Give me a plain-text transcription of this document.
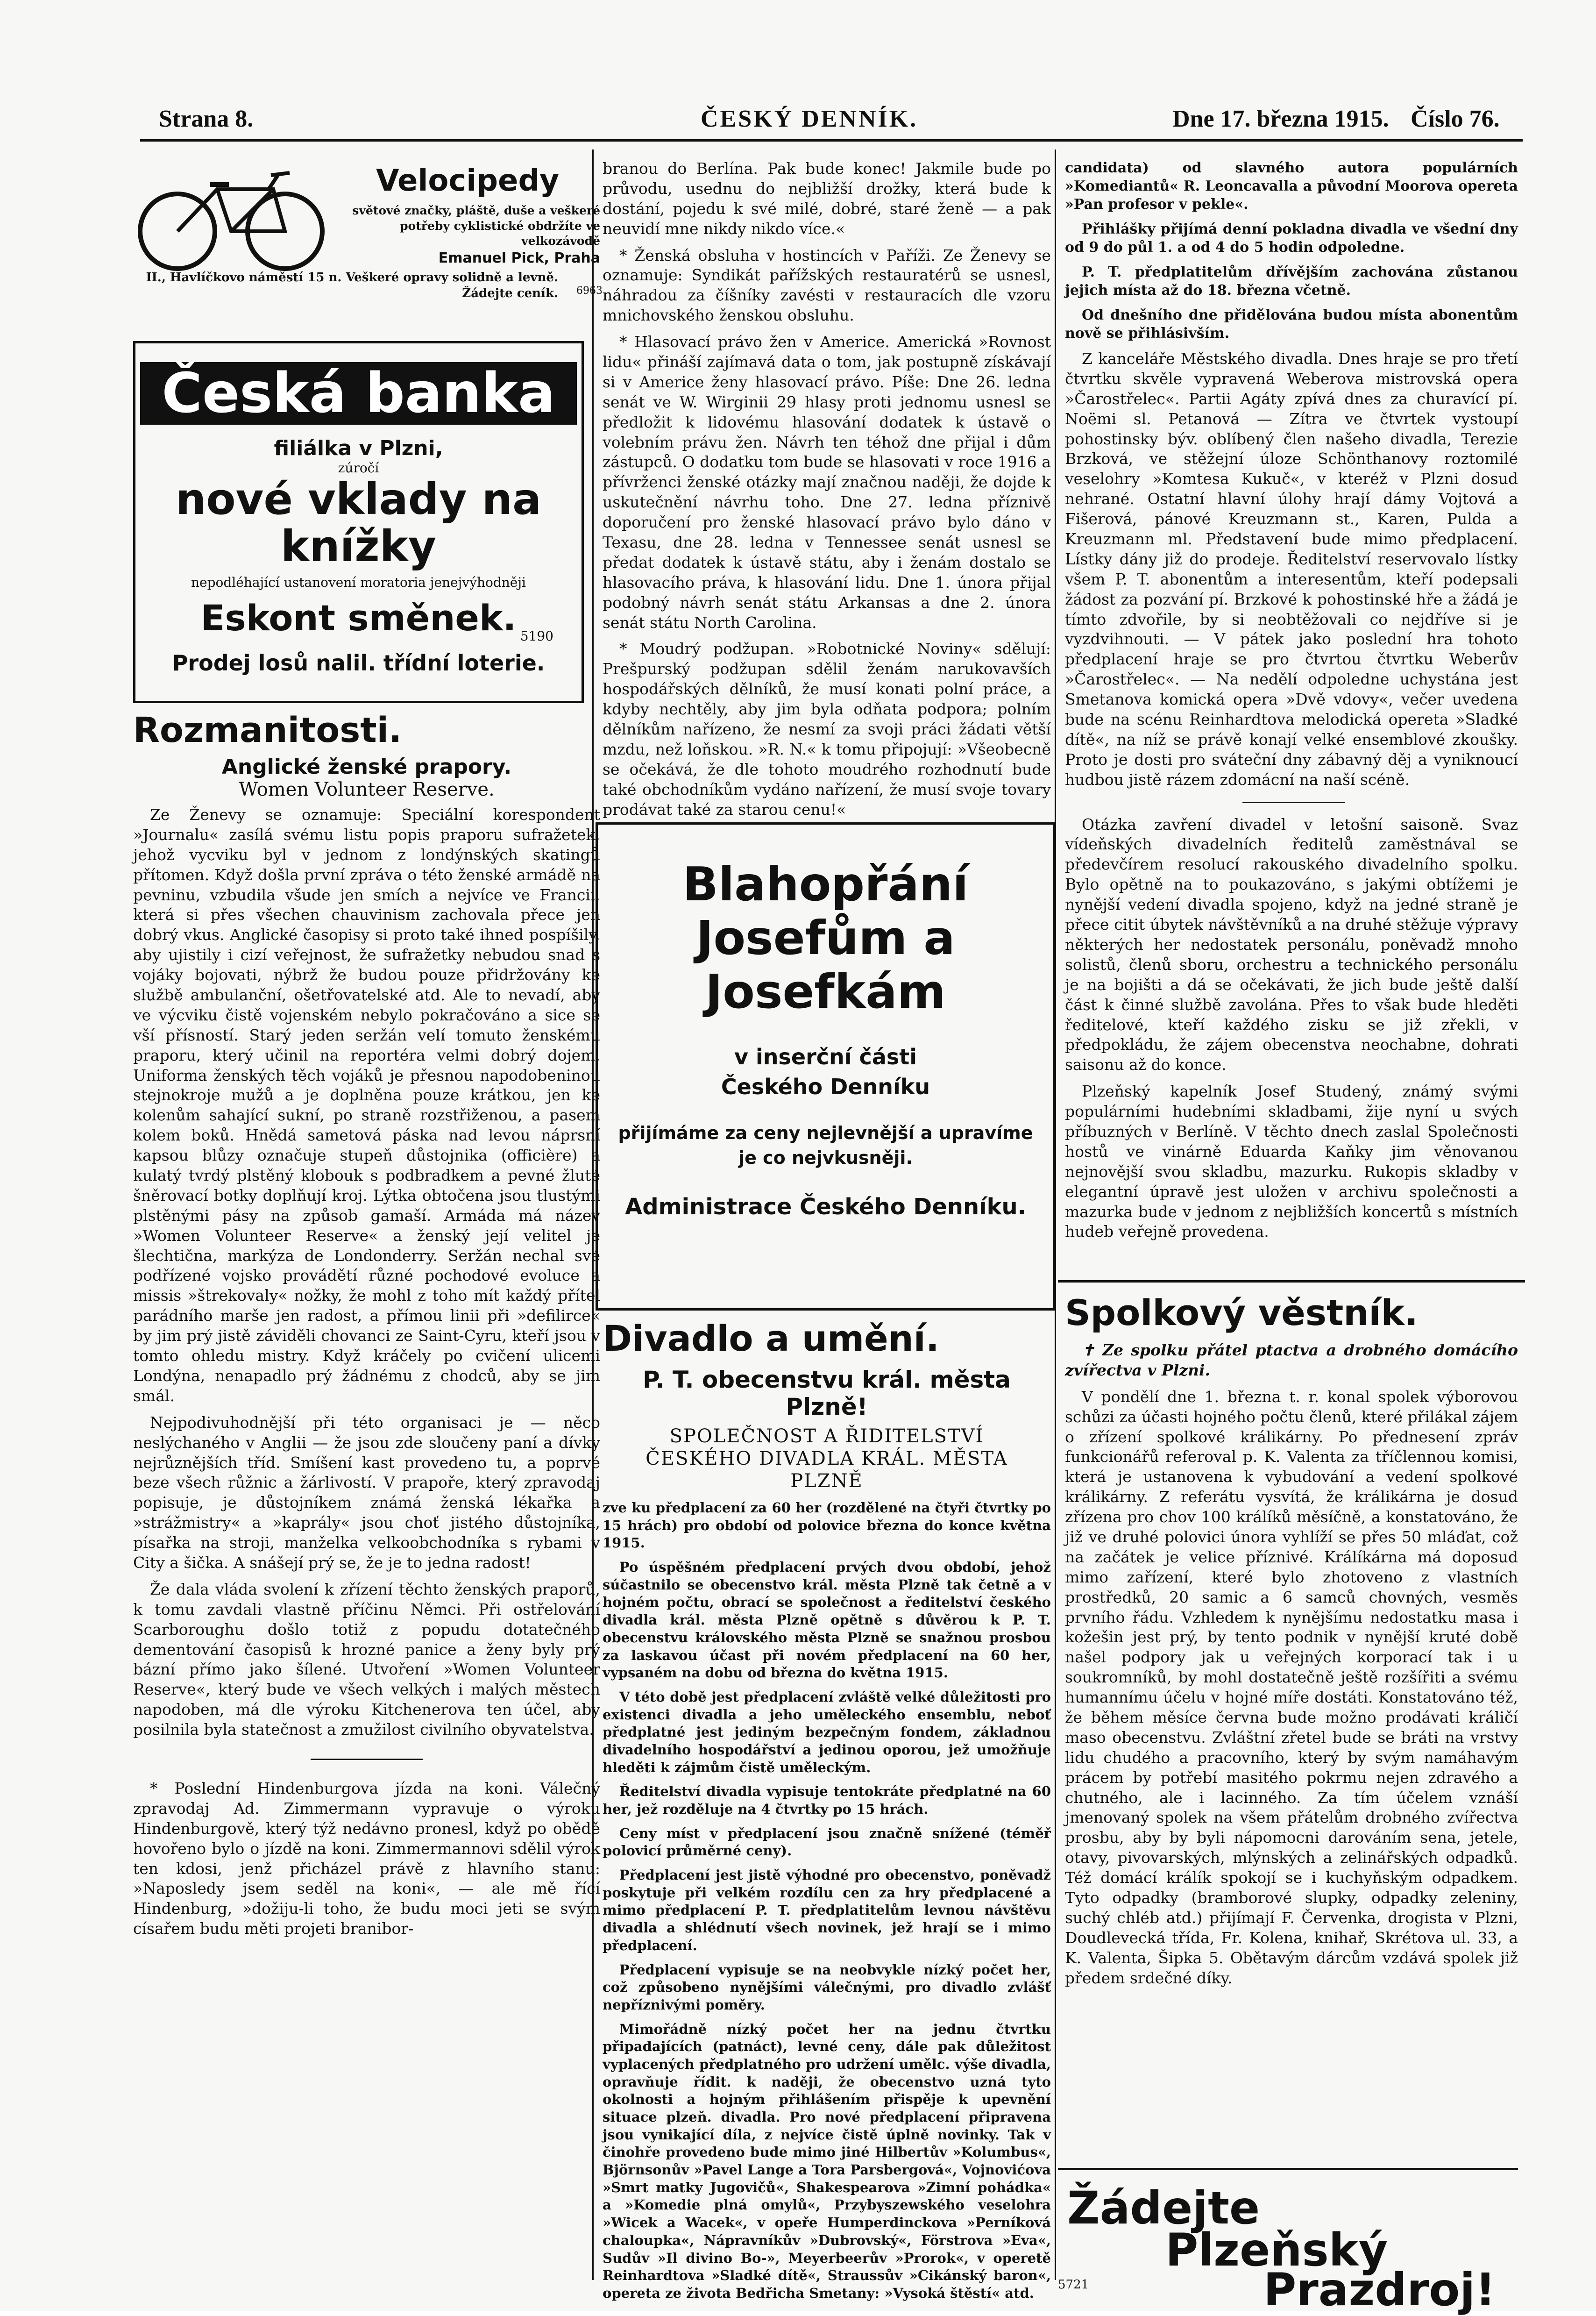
Strana 8.	ČESKÝ DENNÍK.	Dne 17. března 1915. Číslo 76.
Velocipedy
světové značky, pláště, duše a veškeré potřeby cyklistické obdržíte ve velkozávodě
Emanuel Pick, Praha
II., Havlíčkovo náměstí 15 n. Veškeré opravy solidně a levně. Žádejte ceník.	6963
Česká banka
filiálka v Plzni,
zúročí
nové vklady na knížky
nepodléhající ustanovení moratoria jenejvýhodněji
Eskont směnek. 5190
Prodej losů nalil. třídní loterie.
Rozmanitosti.
Anglické ženské prapory.
Women Volunteer Reserve.

Ze Ženevy se oznamuje: Speciální korespondent »Journalu« zasílá svému listu popis praporu sufražetek, jehož vycviku byl v jednom z londýnských skatingů přítomen. Když došla první zpráva o této ženské armádě na pevninu, vzbudila všude jen smích a nejvíce ve Francii, která si přes všechen chauvinism zachovala přece jen dobrý vkus. Anglické časopisy si proto také ihned pospíšily, aby ujistily i cizí veřejnost, že sufražetky nebudou snad s vojáky bojovati, nýbrž že budou pouze přidržovány ke službě ambulanční, ošetřovatelské atd. Ale to nevadí, aby ve výcviku čistě vojenském nebylo pokračováno a sice se vší přísností. Starý jeden seržán velí tomuto ženskému praporu, který učinil na reportéra velmi dobrý dojem. Uniforma ženských těch vojáků je přesnou napodobeninou stejnokroje mužů a je doplněna pouze krátkou, jen ke kolenům sahající sukní, po straně rozstřiženou, a pasem kolem boků. Hnědá sametová páska nad levou náprsní kapsou blůzy označuje stupeň důstojnika (officière) a kulatý tvrdý plstěný klobouk s podbradkem a pevné žluté šněrovací botky doplňují kroj. Lýtka obtočena jsou tlustými plstěnými pásy na způsob gamaší. Armáda má název »Women Volunteer Reserve« a ženský její velitel je šlechtična, markýza de Londonderry. Seržán nechal své podřízené vojsko provádětí různé pochodové evoluce a missis »štrekovaly« nožky, že mohl z toho mít každý přítel parádního marše jen radost, a přímou linii při »defilirce« by jim prý jistě záviděli chovanci ze Saint-Cyru, kteří jsou v tomto ohledu mistry. Když kráčely po cvičení ulicemi Londýna, nenapadlo prý žádnému z chodců, aby se jim smál.

Nejpodivuhodnější při této organisaci je — něco neslýchaného v Anglii — že jsou zde sloučeny paní a dívky nejrůznějších tříd. Smíšení kast provedeno tu, a poprvé beze všech růžnic a žárlivostí. V prapoře, který zpravodaj popisuje, je důstojníkem známá ženská lékařka a »strážmistry« a »kaprály« jsou choť jistého důstojníka, písařka na stroji, manželka velkoobchodníka s rybami v City a šička. A snášejí prý se, že je to jedna radost!

Že dala vláda svolení k zřízení těchto ženských praporů, k tomu zavdali vlastně příčinu Němci. Při ostřelování Scarboroughu došlo totiž z popudu dotatečného dementování časopisů k hrozné panice a ženy byly prý bázní přímo jako šílené. Utvoření »Women Volunteer Reserve«, který bude ve všech velkých i malých městech napodoben, má dle výroku Kitchenerova ten účel, aby posilnila byla statečnost a zmužilost civilního obyvatelstva.

* Poslední Hindenburgova jízda na koni. Válečný zpravodaj Ad. Zimmermann vypravuje o výroku Hindenburgově, který týž nedávno pronesl, když po obědě hovořeno bylo o jízdě na koni. Zimmermannovi sdělil výrok ten kdosi, jenž přicházel právě z hlavního stanu: »Naposledy jsem seděl na koni«, — ale mě řící Hindenburg, »dožiju-li toho, že budu moci jeti se svým císařem budu měti projeti branibor-

branou do Berlína. Pak bude konec! Jakmile bude po průvodu, usednu do nejbližší drožky, která bude k dostání, pojedu k své milé, dobré, staré ženě — a pak neuvidí mne nikdy nikdo více.«

* Ženská obsluha v hostincích v Paříži. Ze Ženevy se oznamuje: Syndikát pařížských restauratérů se usnesl, náhradou za číšníky zavésti v restauracích dle vzoru mnichovského ženskou obsluhu.

* Hlasovací právo žen v Americe. Americká »Rovnost lidu« přináší zajímavá data o tom, jak postupně získávají si v Americe ženy hlasovací právo. Píše: Dne 26. ledna senát ve W. Wirginii 29 hlasy proti jednomu usnesl se předložit k lidovému hlasování dodatek k ústavě o volebním právu žen. Návrh ten téhož dne přijal i dům zástupců. O dodatku tom bude se hlasovati v roce 1916 a přívrženci ženské otázky mají značnou naději, že dojde k uskutečnění návrhu toho. Dne 27. ledna příznivě doporučení pro ženské hlasovací právo bylo dáno v Texasu, dne 28. ledna v Tennessee senát usnesl se předat dodatek k ústavě státu, aby i ženám dostalo se hlasovacího práva, k hlasování lidu. Dne 1. února přijal podobný návrh senát státu Arkansas a dne 2. února senát státu North Carolina.

* Moudrý podžupan. »Robotnické Noviny« sdělují: Prešpurský podžupan sdělil ženám narukovavších hospodářských dělníků, že musí konati polní práce, a kdyby nechtěly, aby jim byla odňata podpora; polním dělníkům nařízeno, že nesmí za svoji práci žádati větší mzdu, než loňskou. »R. N.« k tomu připojují: »Všeobecně se očekává, že dle tohoto moudrého rozhodnutí bude také obchodníkům vydáno nařízení, že musí svoje tovary prodávat také za starou cenu!«

Blahopřání Josefům a Josefkám
v inserční části Českého Denníku
přijímáme za ceny nejlevnější a upravíme je co nejvkusněji.
Administrace Českého Denníku.
Divadlo a umění.
P. T. obecenstvu král. města Plzně!
SPOLEČNOST A ŘIDITELSTVÍ ČESKÉHO DIVADLA KRÁL. MĚSTA PLZNĚ

zve ku předplacení za 60 her (rozdělené na čtyři čtvrtky po 15 hrách) pro období od polovice března do konce května 1915.

Po úspěšném předplacení prvých dvou období, jehož súčastnilo se obecenstvo král. města Plzně tak četně a v hojném počtu, obrací se společnost a ředitelství českého divadla král. města Plzně opětně s důvěrou k P. T. obecenstvu královského města Plzně se snažnou prosbou za laskavou účast při novém předplacení na 60 her, vypsaném na dobu od března do května 1915.

V této době jest předplacení zvláště velké důležitosti pro existenci divadla a jeho uměleckého ensemblu, neboť předplatné jest jediným bezpečným fondem, základnou divadelního hospodářství a jedinou oporou, jež umožňuje hleděti k zájmům čistě uměleckým.

Ředitelství divadla vypisuje tentokráte předplatné na 60 her, jež rozděluje na 4 čtvrtky po 15 hrách.

Ceny míst v předplacení jsou značně snížené (téměř polovicí průměrné ceny).

Předplacení jest jistě výhodné pro obecenstvo, poněvadž poskytuje při velkém rozdílu cen za hry předplacené a mimo předplacení P. T. předplatitelům levnou návštěvu divadla a shlédnutí všech novinek, jež hrají se i mimo předplacení.

Předplacení vypisuje se na neobvykle nízký počet her, což způsobeno nynějšími válečnými, pro divadlo zvlášť nepříznivými poměry.

Mimořádně nízký počet her na jednu čtvrtku připadajících (patnáct), levné ceny, dále pak důležitost vyplacených předplatného pro udržení umělc. výše divadla, opravňuje řídit. k naději, že obecenstvo uzná tyto okolnosti a hojným přihlášením přispěje k upevnění situace plzeň. divadla. Pro nové předplacení připravena jsou vynikající díla, z nejvíce čistě úplně novinky. Tak v činohře provedeno bude mimo jiné Hilbertův »Kolumbus«, Björnsonův »Pavel Lange a Tora Parsbergová«, Vojnovićova »Smrt matky Jugovičů«, Shakespearova »Zimní pohádka« a »Komedie plná omylů«, Przybyszewského veselohra »Wicek a Wacek«, v opeře Humperdinckova »Perníková chaloupka«, Nápravníkův »Dubrovský«, Förstrova »Eva«, Sudův »Il divino Bo-», Meyerbeerův »Prorok«, v operetě Reinhardtova »Sladké dítě«, Straussův »Cikánský baron«, opereta ze života Bedřicha Smetany: »Vysoká štěstí« atd.

candidata) od slavného autora populárních »Komediantů« R. Leoncavalla a původní Moorova opereta »Pan profesor v pekle«.

Přihlášky přijímá denní pokladna divadla ve všední dny od 9 do půl 1. a od 4 do 5 hodin odpoledne.

P. T. předplatitelům dřívějším zachována zůstanou jejich místa až do 18. března včetně.

Od dnešního dne přidělována budou místa abonentům nově se přihlásivším.

Z kanceláře Městského divadla. Dnes hraje se pro třetí čtvrtku skvěle vypravená Weberova mistrovská opera »Čarostřelec«. Partii Agáty zpívá dnes za churavící pí. Noëmi sl. Petanová — Zítra ve čtvrtek vystoupí pohostinsky býv. oblíbený člen našeho divadla, Terezie Brzková, ve stěžejní úloze Schönthanovy roztomilé veselohry »Komtesa Kukuč«, v kteréž v Plzni dosud nehrané. Ostatní hlavní úlohy hrají dámy Vojtová a Fišerová, pánové Kreuzmann st., Karen, Pulda a Kreuzmann ml. Představení bude mimo předplacení. Lístky dány již do prodeje. Ředitelství reservovalo lístky všem P. T. abonentům a interesentům, kteří podepsali žádost za pozvání pí. Brzkové k pohostinské hře a žádá je tímto zdvořile, by si neobtěžovali co nejdříve si je vyzdvihnouti. — V pátek jako poslední hra tohoto předplacení hraje se pro čtvrtou čtvrtku Weberův »Čarostřelec«. — Na nedělí odpoledne uchystána jest Smetanova komická opera »Dvě vdovy«, večer uvedena bude na scénu Reinhardtova melodická opereta »Sladké dítě«, na níž se právě konají velké ensemblové zkoušky. Proto je dosti pro sváteční dny zábavný děj a vyniknoucí hudbou jistě rázem zdomácní na naší scéně.

Otázka zavření divadel v letošní saisoně. Svaz vídeňských divadelních ředitelů zaměstnával se předevčírem resolucí rakouského divadelního spolku. Bylo opětně na to poukazováno, s jakými obtížemi je nynější vedení divadla spojeno, když na jedné straně je přece citit úbytek návštěvníků a na druhé stěžuje výpravy některých her nedostatek personálu, poněvadž mnoho solistů, členů sboru, orchestru a technického personálu je na bojišti a dá se očekávati, že jich bude ještě další část k činné službě zavolána. Přes to však bude hleděti ředitelové, kteří každého zisku se již zřekli, v předpokládu, že zájem obecenstva neochabne, dohrati saisonu až do konce.

Plzeňský kapelník Josef Studený, známý svými populárními hudebními skladbami, žije nyní u svých příbuzných v Berlíně. V těchto dnech zaslal Společnosti hostů ve vinárně Eduarda Kaňky jim věnovanou nejnovější svou skladbu, mazurku. Rukopis skladby v elegantní úpravě jest uložen v archivu společnosti a mazurka bude v jednom z nejbližších koncertů s místních hudeb veřejně provedena.

Spolkový věstník.

✝ Ze spolku přátel ptactva a drobného domácího zvířectva v Plzni.

V pondělí dne 1. března t. r. konal spolek výborovou schůzi za účasti hojného počtu členů, které přilákal zájem o zřízení spolkové králikárny. Po přednesení zpráv funkcionářů referoval p. K. Valenta za tříčlennou komisi, která je ustanovena k vybudování a vedení spolkové králikárny. Z referátu vysvítá, že králikárna je dosud zřízena pro chov 100 králíků měsíčně, a konstatováno, že již ve druhé polovici února vyhlíží se přes 50 mláďat, což na začátek je velice příznivé. Králíkárna má doposud mimo zařízení, které bylo zhotoveno z vlastních prostředků, 20 samic a 6 samců chovných, vesměs prvního řádu. Vzhledem k nynějšímu nedostatku masa i kožešin jest prý, by tento podnik v nynější kruté době našel podpory jak u veřejných korporací tak i u soukromníků, by mohl dostatečně ještě rozšířiti a svému humannímu účelu v hojné míře dostáti. Konstatováno též, že během měsíce června bude možno prodávati králičí maso obecenstvu. Zvláštní zřetel bude se bráti na vrstvy lidu chudého a pracovního, který by svým namáhavým prácem by potřebí masitého pokrmu nejen zdravého a chutného, ale i lacinného. Za tím účelem vznáší jmenovaný spolek na všem přátelům drobného zvířectva prosbu, aby by byli nápomocni darováním sena, jetele, otavy, pivovarských, mlýnských a zelinářských odpadků. Též domácí králík spokojí se i kuchyňským odpadkem. Tyto odpadky (bramborové slupky, odpadky zeleniny, suchý chléb atd.) přijímají F. Červenka, drogista v Plzni, Doudlevecká třída, Fr. Kolena, knihař, Skrétova ul. 33, a K. Valenta, Šipka 5. Obětavým dárcům vzdává spolek již předem srdečné díky.

Žádejte
Plzeňský
Prazdroj!
5721
